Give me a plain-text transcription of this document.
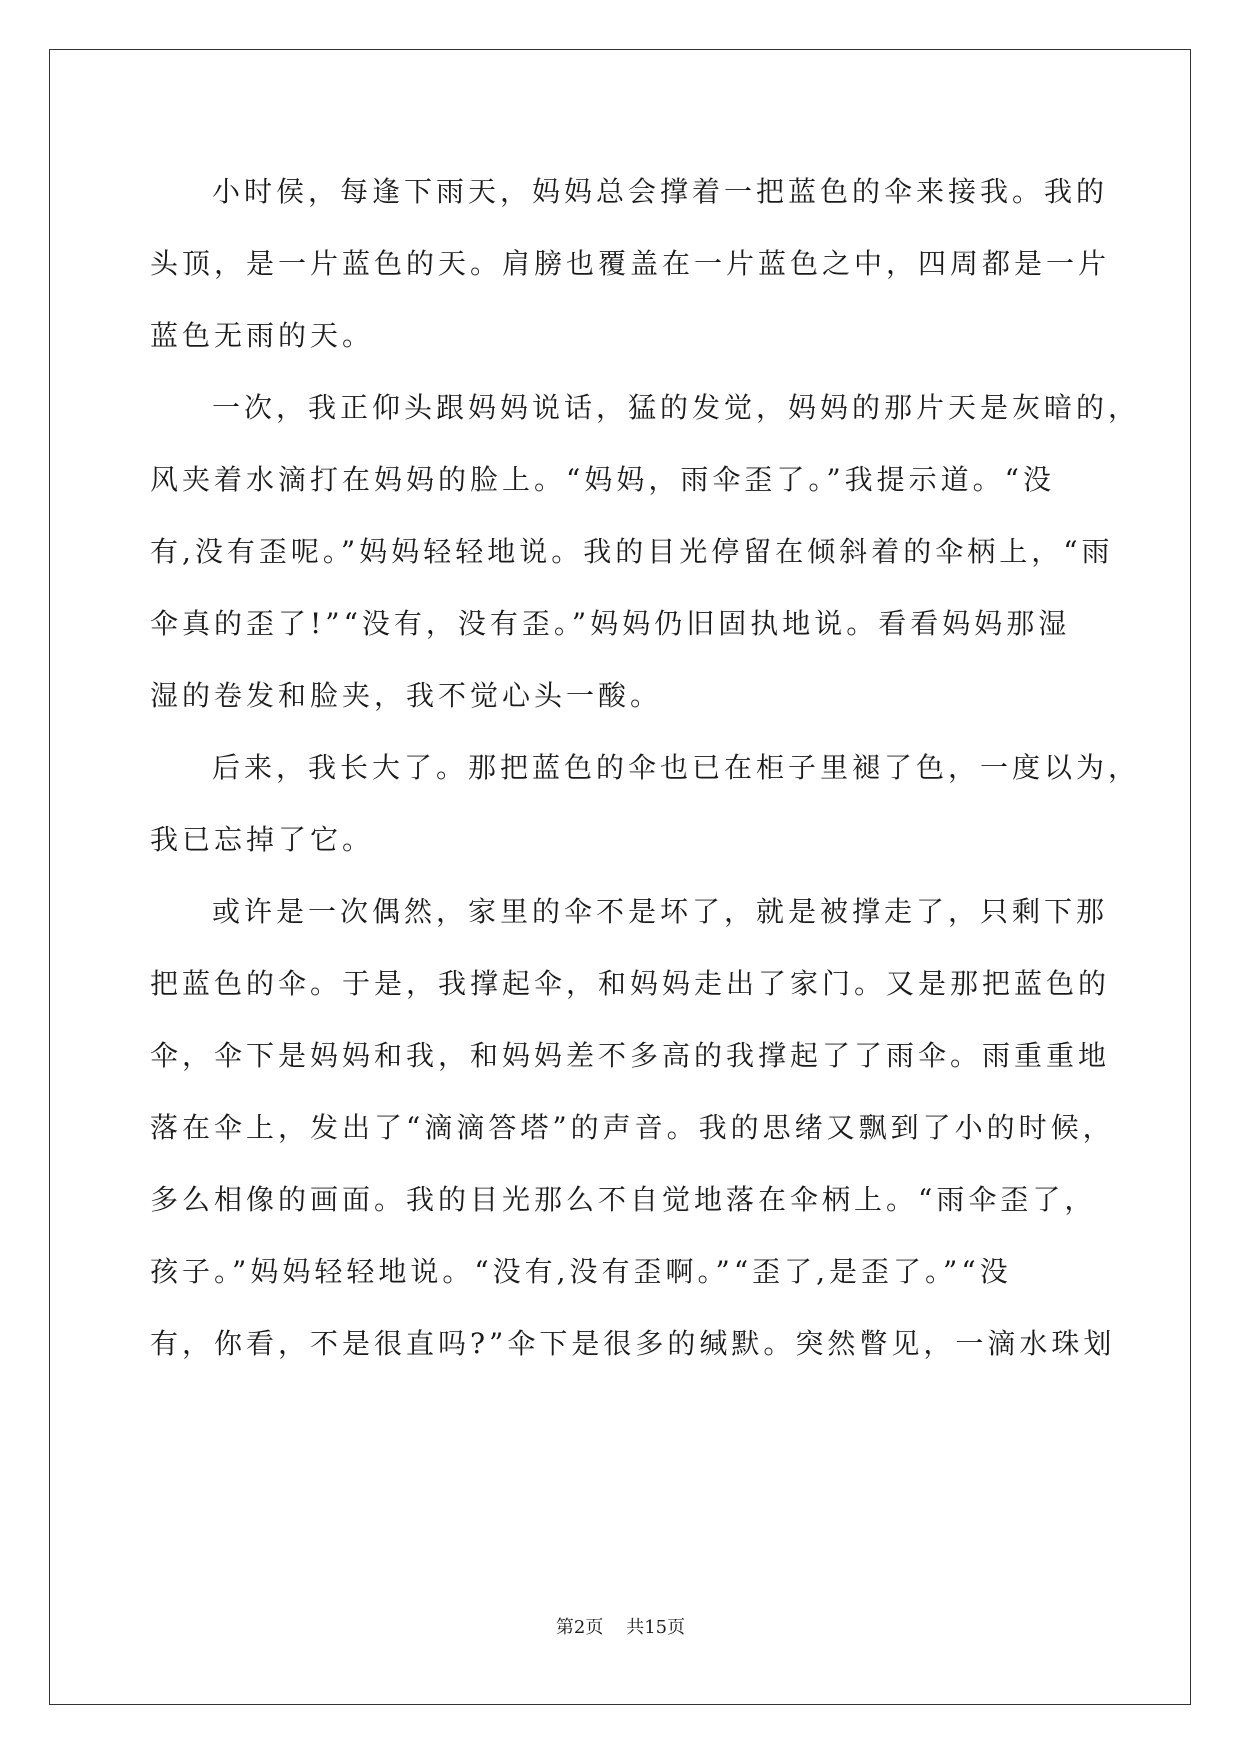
小时侯，每逢下雨天，妈妈总会撑着一把蓝色的伞来接我。我的
头顶，是一片蓝色的天。肩膀也覆盖在一片蓝色之中，四周都是一片
蓝色无雨的天。
一次，我正仰头跟妈妈说话，猛的发觉，妈妈的那片天是灰暗的，
风夹着水滴打在妈妈的脸上。“妈妈，雨伞歪了。”我提示道。“没
有,没有歪呢。”妈妈轻轻地说。我的目光停留在倾斜着的伞柄上，“雨
伞真的歪了!”“没有，没有歪。”妈妈仍旧固执地说。看看妈妈那湿
湿的卷发和脸夹，我不觉心头一酸。
后来，我长大了。那把蓝色的伞也已在柜子里褪了色，一度以为，
我已忘掉了它。
或许是一次偶然，家里的伞不是坏了，就是被撑走了，只剩下那
把蓝色的伞。于是，我撑起伞，和妈妈走出了家门。又是那把蓝色的
伞，伞下是妈妈和我，和妈妈差不多高的我撑起了了雨伞。雨重重地
落在伞上，发出了“滴滴答塔”的声音。我的思绪又飘到了小的时候，
多么相像的画面。我的目光那么不自觉地落在伞柄上。“雨伞歪了，
孩子。”妈妈轻轻地说。“没有,没有歪啊。”“歪了,是歪了。”“没
有，你看，不是很直吗?”伞下是很多的缄默。突然瞥见，一滴水珠划
第2页 共15页
